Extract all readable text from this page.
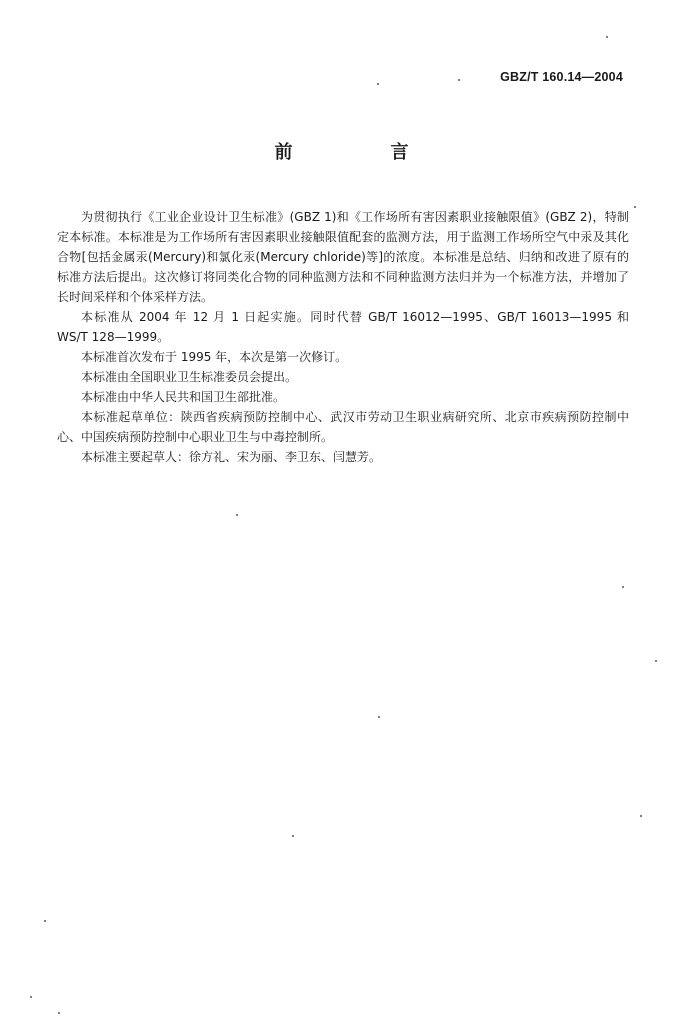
GBZ/T 160.14—2004
前　言

为贯彻执行《工业企业设计卫生标准》(GBZ 1)和《工作场所有害因素职业接触限值》(GBZ 2)，特制定本标准。本标准是为工作场所有害因素职业接触限值配套的监测方法，用于监测工作场所空气中汞及其化合物[包括金属汞(Mercury)和氯化汞(Mercury chloride)等]的浓度。本标准是总结、归纳和改进了原有的标准方法后提出。这次修订将同类化合物的同种监测方法和不同种监测方法归并为一个标准方法，并增加了长时间采样和个体采样方法。

本标准从 2004 年 12 月 1 日起实施。同时代替 GB/T 16012—1995、GB/T 16013—1995 和 WS/T 128—1999。

本标准首次发布于 1995 年，本次是第一次修订。

本标准由全国职业卫生标准委员会提出。

本标准由中华人民共和国卫生部批准。

本标准起草单位：陕西省疾病预防控制中心、武汉市劳动卫生职业病研究所、北京市疾病预防控制中心、中国疾病预防控制中心职业卫生与中毒控制所。

本标准主要起草人：徐方礼、宋为丽、李卫东、闫慧芳。
